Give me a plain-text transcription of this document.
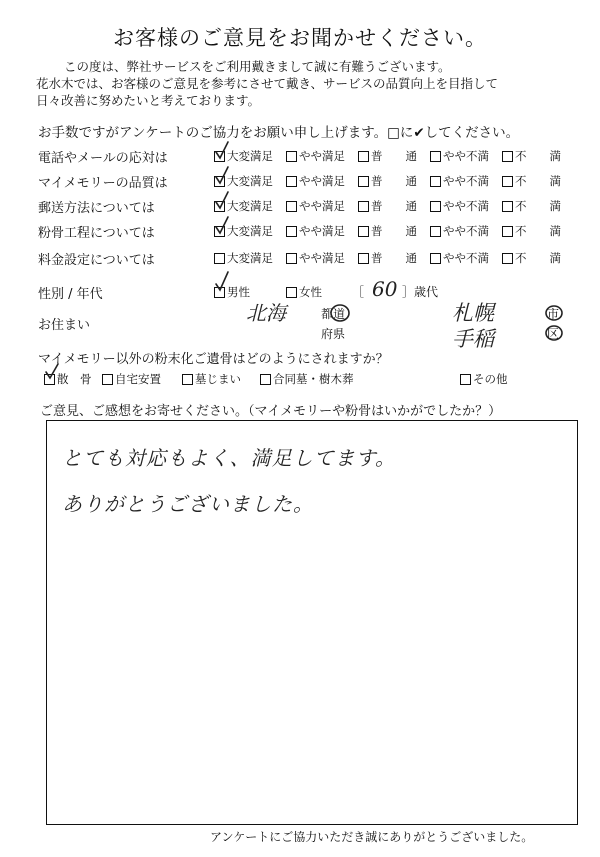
お客様のご意見をお聞かせください。
この度は、弊社サービスをご利用戴きまして誠に有難うございます。
花水木では、お客様のご意見を参考にさせて戴き、サービスの品質向上を目指して
日々改善に努めたいと考えております。
お手数ですがアンケートのご協力をお願い申し上げます。□に✔してください。
電話やメールの応対は	大変満足 やや満足 普　　通 やや不満 不　　満
マイメモリーの品質は	大変満足 やや満足 普　　通 やや不満 不　　満
郵送方法については	大変満足 やや満足 普　　通 やや不満 不　　満
粉骨工程については	大変満足 やや満足 普　　通 やや不満 不　　満
料金設定については	大変満足 やや満足 普　　通 やや不満 不　　満
性別 / 年代	男性	女性	［ 60 ］歳代
お住まい
北海	都道
府県
札幌	市
手稲	区
マイメモリー以外の粉末化ご遺骨はどのようにされますか？
散　骨 自宅安置	墓じまい	合同墓・樹木葬	その他
ご意見、ご感想をお寄せください。（マイメモリーや粉骨はいかがでしたか？）
とても対応もよく、満足してます。
ありがとうございました。
アンケートにご協力いただき誠にありがとうございました。
